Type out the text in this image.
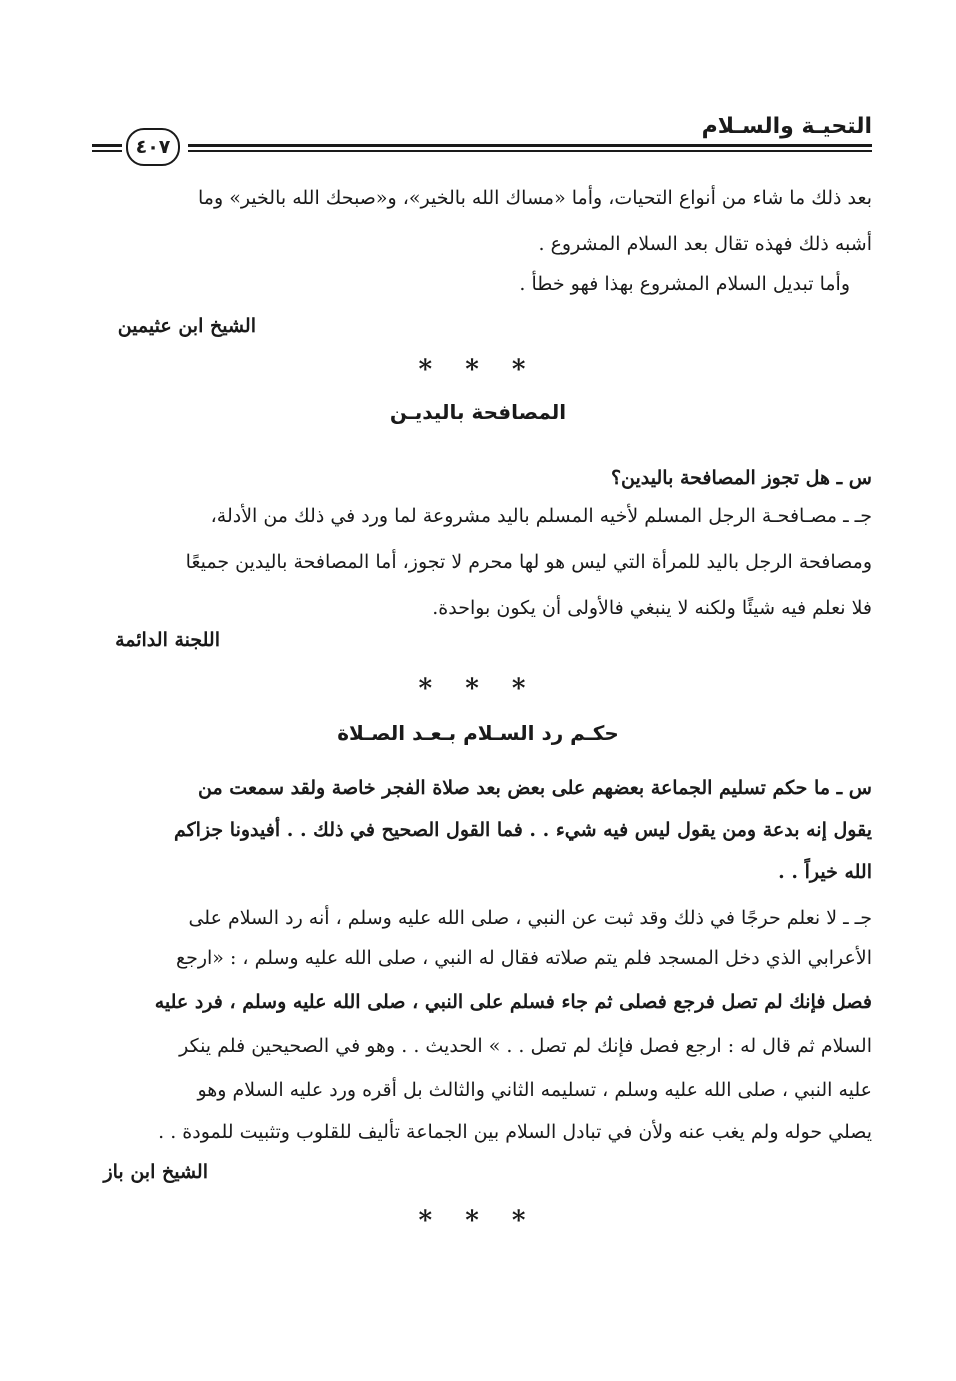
التحيـة والسـلام
٤٠٧
بعد ذلك ما شاء من أنواع التحيات، وأما «مساك الله بالخير»، و«صبحك الله بالخير» وما
أشبه ذلك فهذه تقال بعد السلام المشروع .
وأما تبديل السلام المشروع بهذا فهو خطأ .
الشيخ ابن عثيمين
* * *
المصافحة باليديـن
س ـ هل تجوز المصافحة باليدين؟
جـ ـ مصـافحـة الرجل المسلم لأخيه المسلم باليد مشروعة لما ورد في ذلك من الأدلة،
ومصافحة الرجل باليد للمرأة التي ليس هو لها محرم لا تجوز، أما المصافحة باليدين جميعًا
فلا نعلم فيه شيئًا ولكنه لا ينبغي فالأولى أن يكون بواحدة.
اللجنة الدائمة
* * *
حكـم رد السـلام بـعـد الصـلاة
س ـ ما حكم تسليم الجماعة بعضهم على بعض بعد صلاة الفجر خاصة ولقد سمعت من
يقول إنه بدعة ومن يقول ليس فيه شيء . . فما القول الصحيح في ذلك . . أفيدونا جزاكم
الله خيراً . .
جـ ـ لا نعلم حرجًا في ذلك وقد ثبت عن النبي ، صلى الله عليه وسلم ، أنه رد السلام على
الأعرابي الذي دخل المسجد فلم يتم صلاته فقال له النبي ، صلى الله عليه وسلم ، : «ارجع
فصل فإنك لم تصل فرجع فصلى ثم جاء فسلم على النبي ، صلى الله عليه وسلم ، فرد عليه
السلام ثم قال له : ارجع فصل فإنك لم تصل . . » الحديث . . وهو في الصحيحين فلم ينكر
عليه النبي ، صلى الله عليه وسلم ، تسليمه الثاني والثالث بل أقره ورد عليه السلام وهو
يصلي حوله ولم يغب عنه ولأن في تبادل السلام بين الجماعة تأليف للقلوب وتثبيت للمودة . .
الشيخ ابن باز
* * *
